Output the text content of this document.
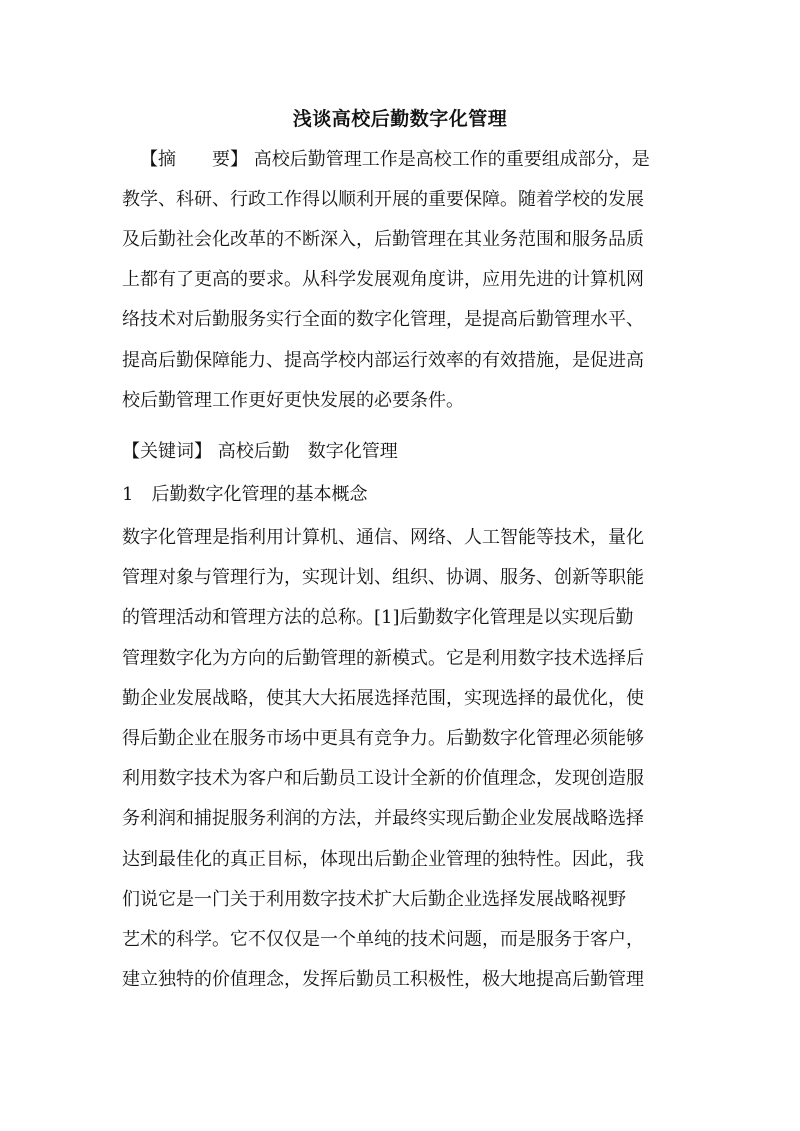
浅谈高校后勤数字化管理
【摘　　要】 高校后勤管理工作是高校工作的重要组成部分，是
教学、科研、行政工作得以顺利开展的重要保障。随着学校的发展
及后勤社会化改革的不断深入，后勤管理在其业务范围和服务品质
上都有了更高的要求。从科学发展观角度讲，应用先进的计算机网
络技术对后勤服务实行全面的数字化管理，是提高后勤管理水平、
提高后勤保障能力、提高学校内部运行效率的有效措施，是促进高
校后勤管理工作更好更快发展的必要条件。
【关键词】 高校后勤　数字化管理
1　后勤数字化管理的基本概念
数字化管理是指利用计算机、通信、网络、人工智能等技术，量化
管理对象与管理行为，实现计划、组织、协调、服务、创新等职能
的管理活动和管理方法的总称。[1]后勤数字化管理是以实现后勤
管理数字化为方向的后勤管理的新模式。它是利用数字技术选择后
勤企业发展战略，使其大大拓展选择范围，实现选择的最优化，使
得后勤企业在服务市场中更具有竞争力。后勤数字化管理必须能够
利用数字技术为客户和后勤员工设计全新的价值理念，发现创造服
务利润和捕捉服务利润的方法，并最终实现后勤企业发展战略选择
达到最佳化的真正目标，体现出后勤企业管理的独特性。因此，我
们说它是一门关于利用数字技术扩大后勤企业选择发展战略视野
艺术的科学。它不仅仅是一个单纯的技术问题，而是服务于客户，
建立独特的价值理念，发挥后勤员工积极性，极大地提高后勤管理
